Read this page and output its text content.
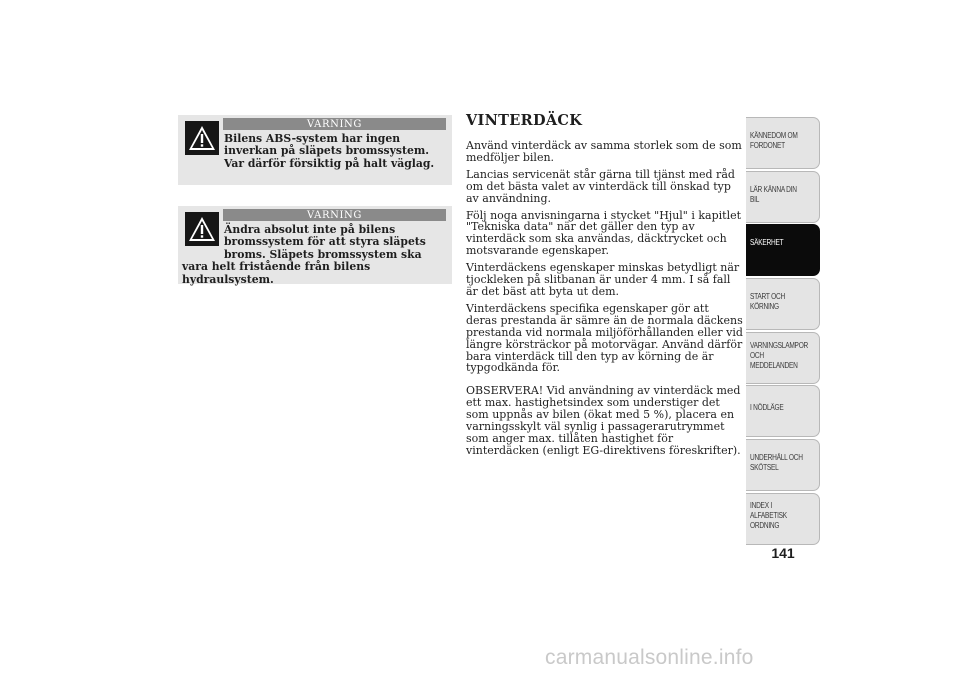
VARNING
Bilens ABS-system har ingen inverkan på släpets bromssystem. Var därför försiktig på halt väglag.
VARNING
Ändra absolut inte på bilens bromssystem för att styra släpets broms. Släpets bromssystem ska vara helt fristående från bilens hydraulsystem.
VINTERDÄCK

Använd vinterdäck av samma storlek som de som medföljer bilen.

Lancias servicenät står gärna till tjänst med råd om det bästa valet av vinterdäck till önskad typ av användning.

Följ noga anvisningarna i stycket "Hjul" i kapitlet "Tekniska data" när det gäller den typ av vinterdäck som ska användas, däcktrycket och motsvarande egenskaper.

Vinterdäckens egenskaper minskas betydligt när tjockleken på slitbanan är under 4 mm. I så fall är det bäst att byta ut dem.

Vinterdäckens specifika egenskaper gör att deras prestanda är sämre än de normala däckens prestanda vid normala miljöförhållanden eller vid längre körsträckor på motorvägar. Använd därför bara vinterdäck till den typ av körning de är typgodkända för.

OBSERVERA! Vid användning av vinterdäck med ett max. hastighetsindex som understiger det som uppnås av bilen (ökat med 5 %), placera en varningsskylt väl synlig i passagerarutrymmet som anger max. tillåten hastighet för vinterdäcken (enligt EG-direktivens föreskrifter).

KÄNNEDOM OM
FORDONET
LÄR KÄNNA DIN
BIL
SÄKERHET
START OCH
KÖRNING
VARNINGSLAMPOR
OCH
MEDDELANDEN
I NÖDLÄGE
UNDERHÅLL OCH
SKÖTSEL
INDEX I
ALFABETISK
ORDNING
141
carmanualsonline.info
